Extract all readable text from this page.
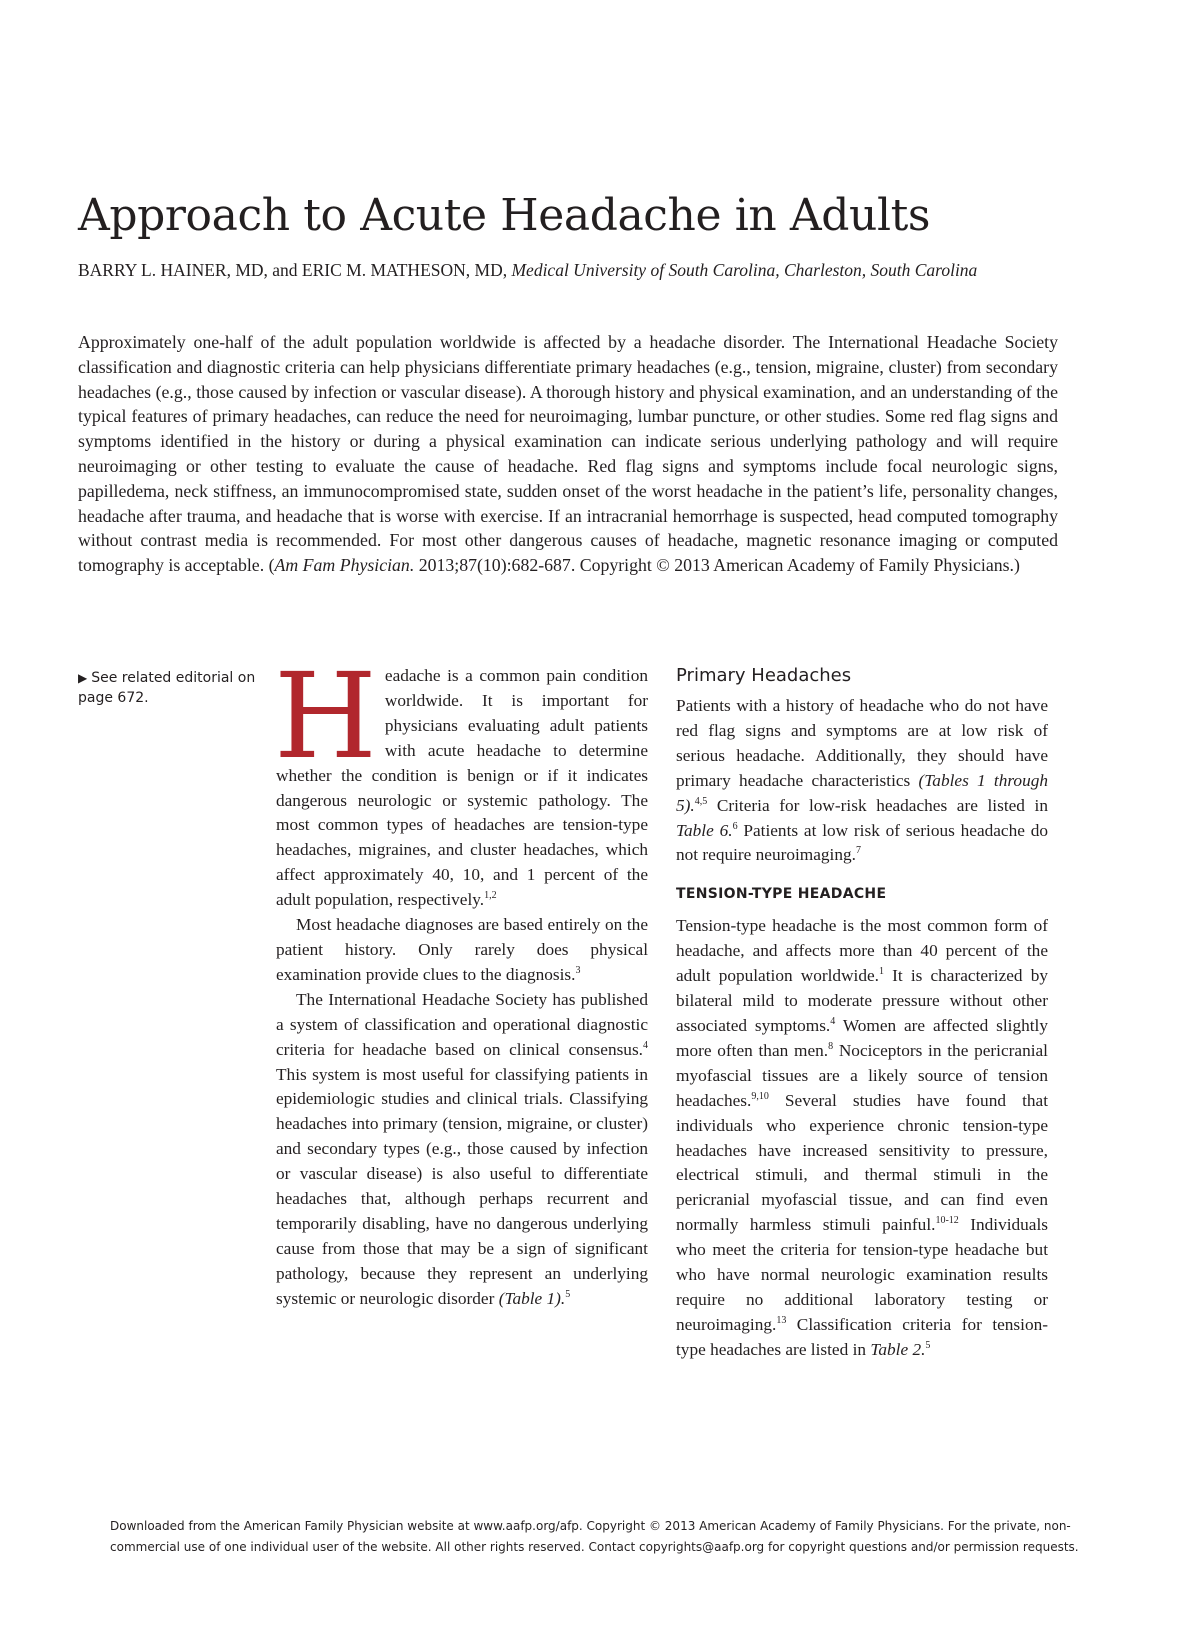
Approach to Acute Headache in Adults
BARRY L. HAINER, MD, and ERIC M. MATHESON, MD, Medical University of South Carolina, Charleston, South Carolina

Approximately one-half of the adult population worldwide is affected by a headache disorder. The International Headache Society classification and diagnostic criteria can help physicians differentiate primary headaches (e.g., tension, migraine, cluster) from secondary headaches (e.g., those caused by infection or vascular disease). A thorough history and physical examination, and an understanding of the typical features of primary headaches, can reduce the need for neuroimaging, lumbar puncture, or other studies. Some red flag signs and symptoms identified in the history or during a physical examination can indicate serious underlying pathology and will require neuroimaging or other testing to evaluate the cause of headache. Red flag signs and symptoms include focal neurologic signs, papilledema, neck stiffness, an immunocompromised state, sudden onset of the worst headache in the patient’s life, personality changes, headache after trauma, and headache that is worse with exercise. If an intracranial hemorrhage is suspected, head computed tomography without contrast media is recommended. For most other dangerous causes of headache, magnetic resonance imaging or computed tomography is acceptable. (Am Fam Physician. 2013;87(10):682-687. Copyright © 2013 American Academy of Family Physicians.)

▶ See related editorial on page 672.	Headache is a common pain condition worldwide. It is important for physicians evaluating adult patients with acute headache to determine whether the condition is benign or if it indicates dangerous neurologic or systemic pathology. The most common types of headaches are tension-type headaches, migraines, and cluster headaches, which affect approximately 40, 10, and 1 percent of the adult population, respectively.$^{1,2}$

Most headache diagnoses are based entirely on the patient history. Only rarely does physical examination provide clues to the diagnosis.$^3$

The International Headache Society has published a system of classification and operational diagnostic criteria for headache based on clinical consensus.$^4$ This system is most useful for classifying patients in epidemiologic studies and clinical trials. Classifying headaches into primary (tension, migraine, or cluster) and secondary types (e.g., those caused by infection or vascular disease) is also useful to differentiate headaches that, although perhaps recurrent and temporarily disabling, have no dangerous underlying cause from those that may be a sign of significant pathology, because they represent an underlying systemic or neurologic disorder (Table 1).$^5$

Primary Headaches

Patients with a history of headache who do not have red flag signs and symptoms are at low risk of serious headache. Additionally, they should have primary headache characteristics (Tables 1 through 5).$^{4,5}$ Criteria for low-risk headaches are listed in Table 6.$^6$ Patients at low risk of serious headache do not require neuroimaging.$^7$

TENSION-TYPE HEADACHE

Tension-type headache is the most common form of headache, and affects more than 40 percent of the adult population worldwide.$^1$ It is characterized by bilateral mild to moderate pressure without other associated symptoms.$^4$ Women are affected slightly more often than men.$^8$ Nociceptors in the pericranial myofascial tissues are a likely source of tension headaches.$^{9,10}$ Several studies have found that individuals who experience chronic tension-type headaches have increased sensitivity to pressure, electrical stimuli, and thermal stimuli in the pericranial myofascial tissue, and can find even normally harmless stimuli painful.$^{10-12}$ Individuals who meet the criteria for tension-type headache but who have normal neurologic examination results require no additional laboratory testing or neuroimaging.$^{13}$ Classification criteria for tension-type headaches are listed in Table 2.$^5$

Downloaded from the American Family Physician website at www.aafp.org/afp. Copyright © 2013 American Academy of Family Physicians. For the private, non-
commercial use of one individual user of the website. All other rights reserved. Contact copyrights@aafp.org for copyright questions and/or permission requests.
